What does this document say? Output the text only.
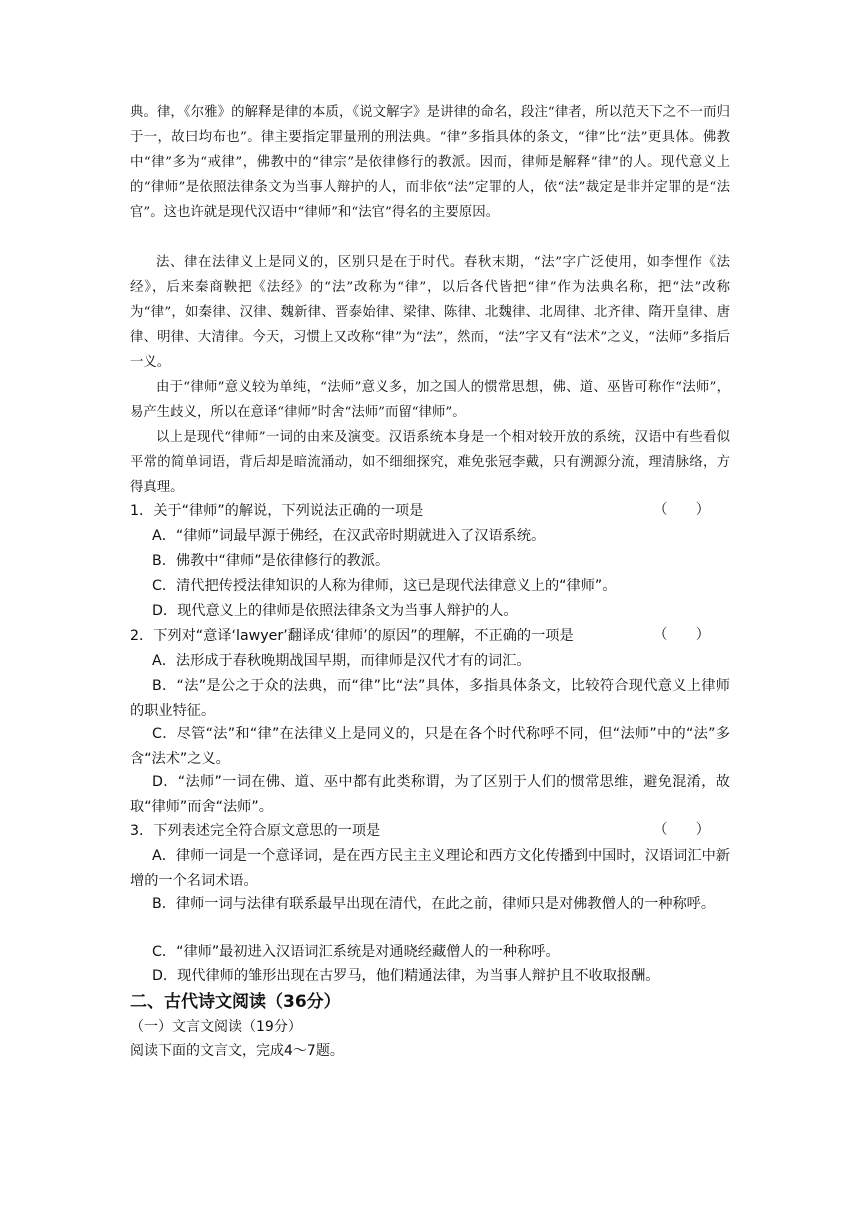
典。律，《尔雅》的解释是律的本质，《说文解字》是讲律的命名，段注“律者，所以范天下之不一而归于一，故曰均布也”。律主要指定罪量刑的刑法典。“律”多指具体的条文，“律”比“法”更具体。佛教中“律”多为“戒律”，佛教中的“律宗”是依律修行的教派。因而，律师是解释“律”的人。现代意义上的“律师”是依照法律条文为当事人辩护的人，而非依“法”定罪的人，依“法”裁定是非并定罪的是“法官”。这也许就是现代汉语中“律师”和“法官”得名的主要原因。

法、律在法律义上是同义的，区别只是在于时代。春秋末期，“法”字广泛使用，如李悝作《法经》，后来秦商鞅把《法经》的“法”改称为“律”，以后各代皆把“律”作为法典名称，把“法”改称为“律”，如秦律、汉律、魏新律、晋泰始律、梁律、陈律、北魏律、北周律、北齐律、隋开皇律、唐律、明律、大清律。今天，习惯上又改称“律”为“法”，然而，“法”字又有“法术”之义，“法师”多指后一义。

由于“律师”意义较为单纯，“法师”意义多，加之国人的惯常思想，佛、道、巫皆可称作“法师”，易产生歧义，所以在意译“律师”时舍“法师”而留“律师”。

以上是现代“律师”一词的由来及演变。汉语系统本身是一个相对较开放的系统，汉语中有些看似平常的简单词语，背后却是暗流涌动，如不细细探究，难免张冠李戴，只有溯源分流，理清脉络，方得真理。

1．关于“律师”的解说，下列说法正确的一项是	（　　）

A．“律师”词最早源于佛经，在汉武帝时期就进入了汉语系统。

B．佛教中“律师”是依律修行的教派。

C．清代把传授法律知识的人称为律师，这已是现代法律意义上的“律师”。

D．现代意义上的律师是依照法律条文为当事人辩护的人。

2．下列对“意译‘lawyer’翻译成‘律师’的原因”的理解，不正确的一项是	（　　）

A．法形成于春秋晚期战国早期，而律师是汉代才有的词汇。

B．“法”是公之于众的法典，而“律”比“法”具体，多指具体条文，比较符合现代意义上律师的职业特征。

C．尽管“法”和“律”在法律义上是同义的，只是在各个时代称呼不同，但“法师”中的“法”多含“法术”之义。

D．“法师”一词在佛、道、巫中都有此类称谓，为了区别于人们的惯常思维，避免混淆，故取“律师”而舍“法师”。

3．下列表述完全符合原文意思的一项是	（　　）

A．律师一词是一个意译词，是在西方民主主义理论和西方文化传播到中国时，汉语词汇中新增的一个名词术语。

B．律师一词与法律有联系最早出现在清代，在此之前，律师只是对佛教僧人的一种称呼。

C．“律师”最初进入汉语词汇系统是对通晓经藏僧人的一种称呼。

D．现代律师的雏形出现在古罗马，他们精通法律，为当事人辩护且不收取报酬。

二、古代诗文阅读（36分）

（一）文言文阅读（19分）

阅读下面的文言文，完成4～7题。
